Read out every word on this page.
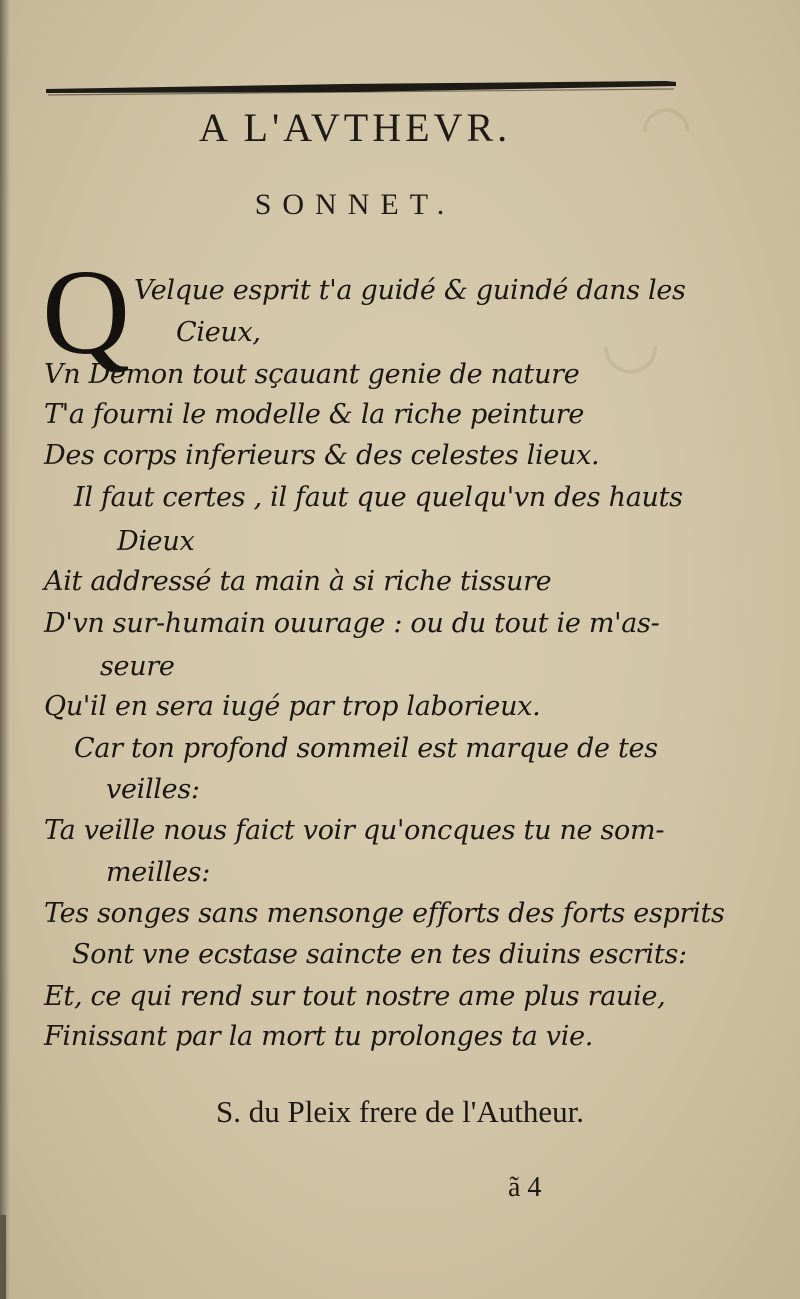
◠
◡
A L'AVTHEVR.
SONNET.
Q Velque esprit t'a guidé & guindé dans les
Cieux,
Vn Demon tout sçauant genie de nature
T'a fourni le modelle & la riche peinture
Des corps inferieurs & des celestes lieux.
Il faut certes , il faut que quelqu'vn des hauts
Dieux
Ait addressé ta main à si riche tissure
D'vn sur-humain ouurage : ou du tout ie m'as-
seure
Qu'il en sera iugé par trop laborieux.
Car ton profond sommeil est marque de tes
veilles:
Ta veille nous faict voir qu'oncques tu ne som-
meilles:
Tes songes sans mensonge efforts des forts esprits
Sont vne ecstase saincte en tes diuins escrits:
Et, ce qui rend sur tout nostre ame plus rauie,
Finissant par la mort tu prolonges ta vie.
S. du Pleix frere de l'Autheur.
ã 4
